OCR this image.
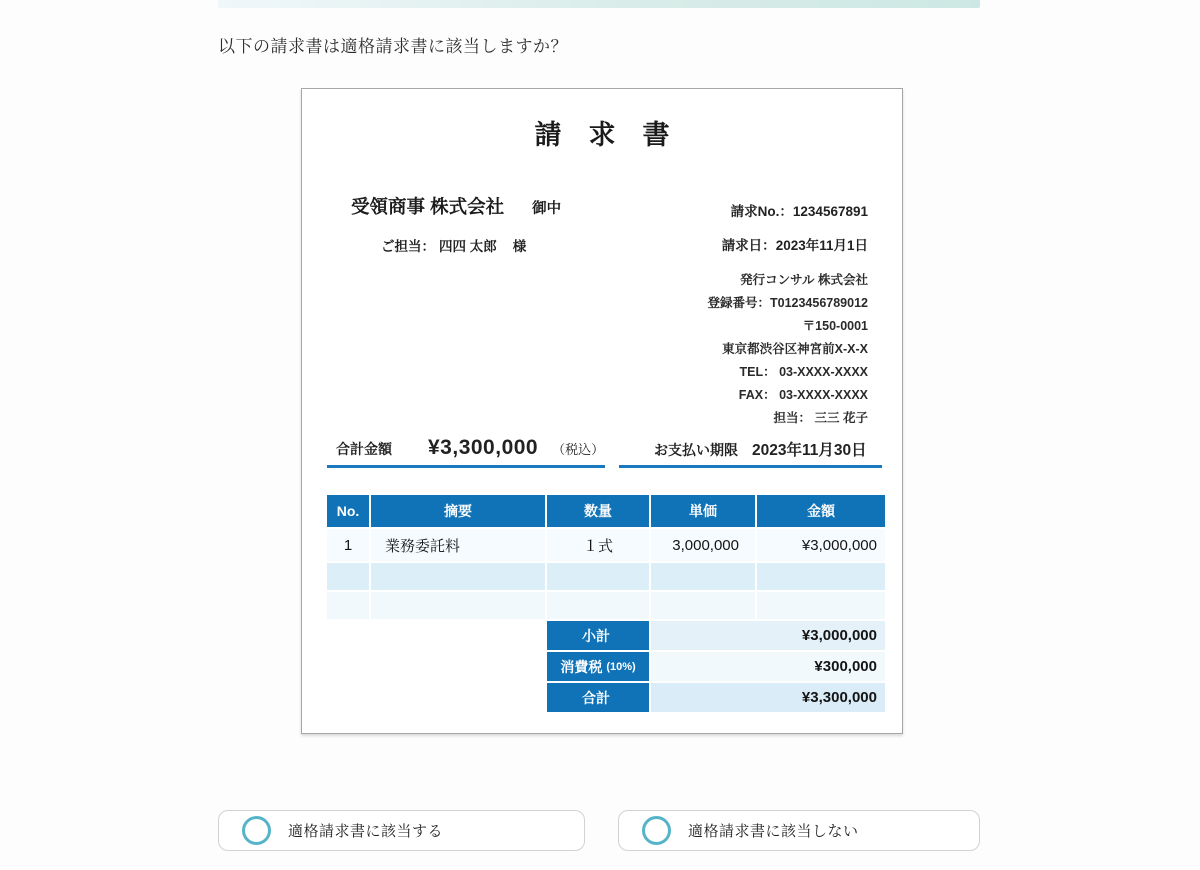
以下の請求書は適格請求書に該当しますか？
請　求　書
受領商事 株式会社 御中
ご担当： 四四 太郎 様
請求No.：1234567891
請求日：2023年11月1日
発行コンサル 株式会社
登録番号：T0123456789012
〒150-0001
東京都渋谷区神宮前X-X-X
TEL： 03-XXXX-XXXX
FAX： 03-XXXX-XXXX
担当： 三三 花子
合計金額 ¥3,300,000 （税込）	お支払い期限 2023年11月30日
No.	摘要	数量	単価	金額
1	業務委託料	１式	3,000,000	¥3,000,000
小計	¥3,000,000
消費税 (10%)	¥300,000
合計	¥3,300,000
適格請求書に該当する	適格請求書に該当しない
